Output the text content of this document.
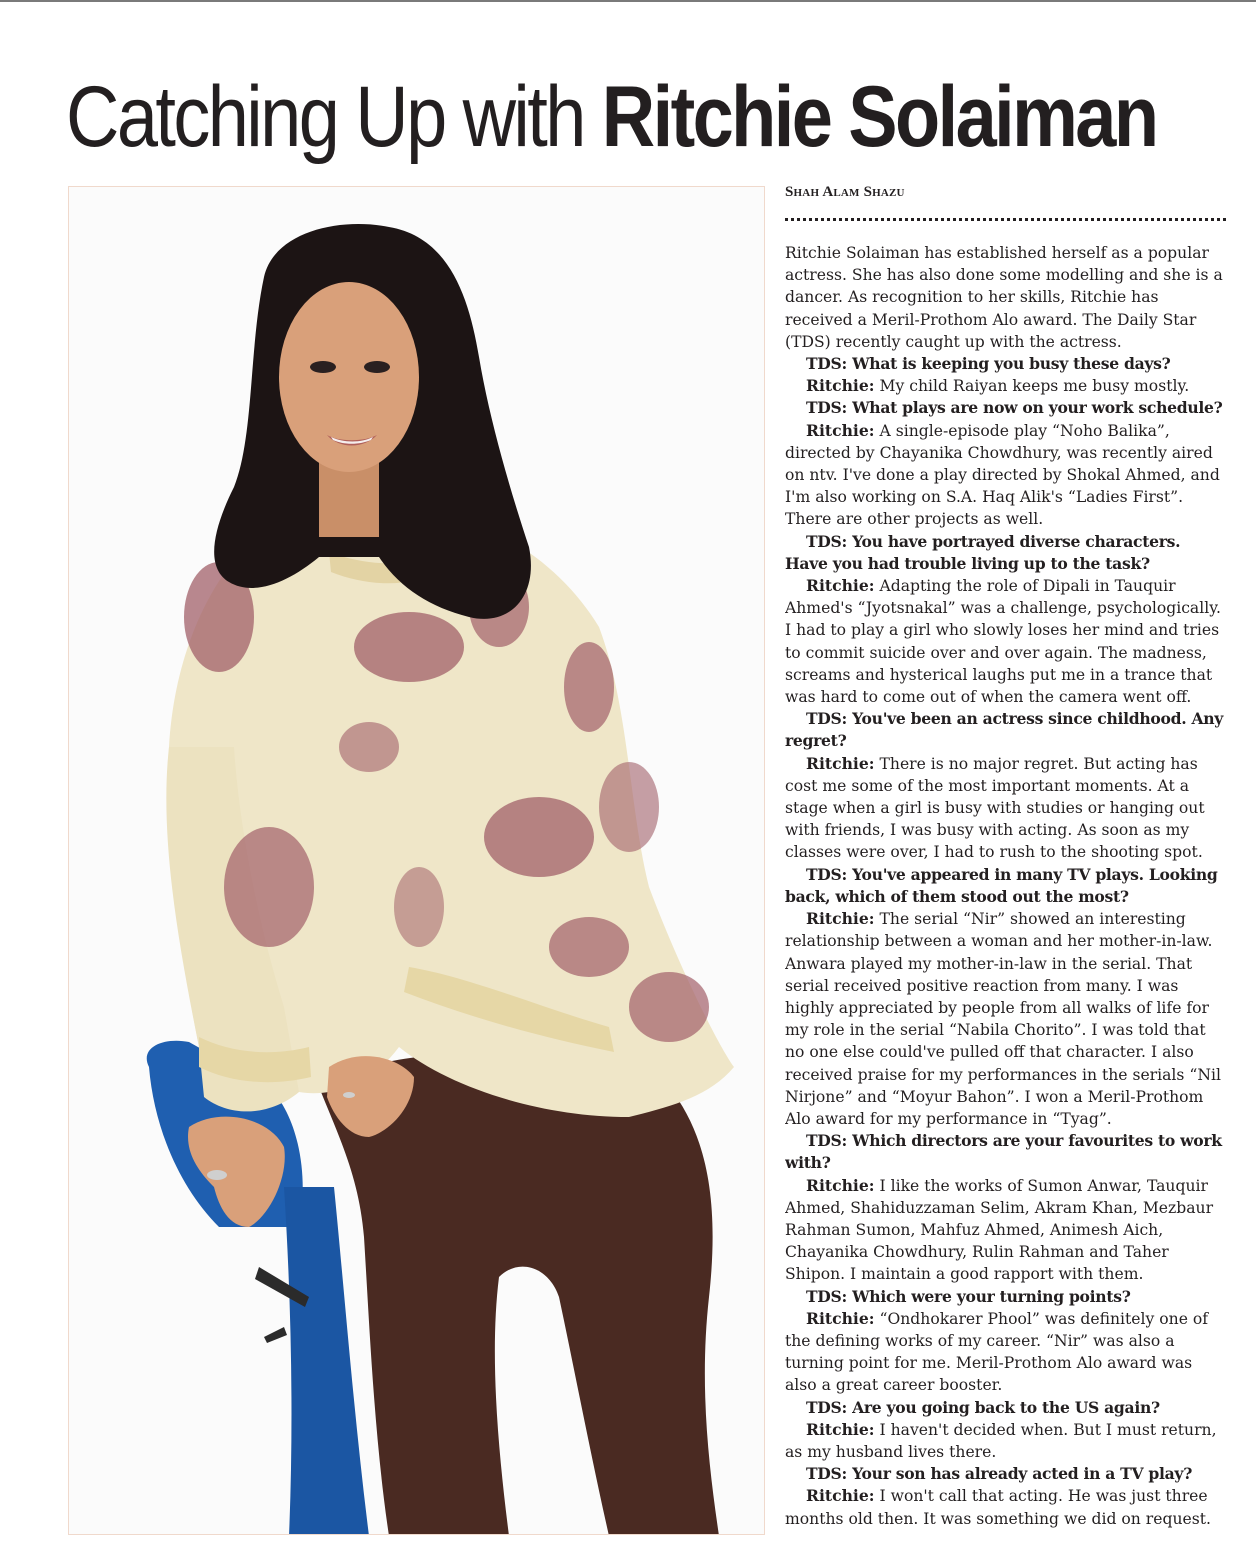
Catching Up with Ritchie Solaiman
Shah Alam Shazu

Ritchie Solaiman has established herself as a popular actress. She has also done some modelling and she is a dancer. As recognition to her skills, Ritchie has received a Meril-Prothom Alo award. The Daily Star (TDS) recently caught up with the actress.

TDS: What is keeping you busy these days?

Ritchie: My child Raiyan keeps me busy mostly.

TDS: What plays are now on your work schedule?

Ritchie: A single-episode play “Noho Balika”, directed by Chayanika Chowdhury, was recently aired on ntv. I've done a play directed by Shokal Ahmed, and I'm also working on S.A. Haq Alik's “Ladies First”. There are other projects as well.

TDS: You have portrayed diverse characters. Have you had trouble living up to the task?

Ritchie: Adapting the role of Dipali in Tauquir Ahmed's “Jyotsnakal” was a challenge, psychologically. I had to play a girl who slowly loses her mind and tries to commit suicide over and over again. The madness, screams and hysterical laughs put me in a trance that was hard to come out of when the camera went off.

TDS: You've been an actress since childhood. Any regret?

Ritchie: There is no major regret. But acting has cost me some of the most important moments. At a stage when a girl is busy with studies or hanging out with friends, I was busy with acting. As soon as my classes were over, I had to rush to the shooting spot.

TDS: You've appeared in many TV plays. Looking back, which of them stood out the most?

Ritchie: The serial “Nir” showed an interesting relationship between a woman and her mother-in-law. Anwara played my mother-in-law in the serial. That serial received positive reaction from many. I was highly appreciated by people from all walks of life for my role in the serial “Nabila Chorito”. I was told that no one else could've pulled off that character. I also received praise for my performances in the serials “Nil Nirjone” and “Moyur Bahon”. I won a Meril-Prothom Alo award for my performance in “Tyag”.

TDS: Which directors are your favourites to work with?

Ritchie: I like the works of Sumon Anwar, Tauquir Ahmed, Shahiduzzaman Selim, Akram Khan, Mezbaur Rahman Sumon, Mahfuz Ahmed, Animesh Aich, Chayanika Chowdhury, Rulin Rahman and Taher Shipon. I maintain a good rapport with them.

TDS: Which were your turning points?

Ritchie: “Ondhokarer Phool” was definitely one of the defining works of my career. “Nir” was also a turning point for me. Meril-Prothom Alo award was also a great career booster.

TDS: Are you going back to the US again?

Ritchie: I haven't decided when. But I must return, as my husband lives there.

TDS: Your son has already acted in a TV play?

Ritchie: I won't call that acting. He was just three months old then. It was something we did on request.
